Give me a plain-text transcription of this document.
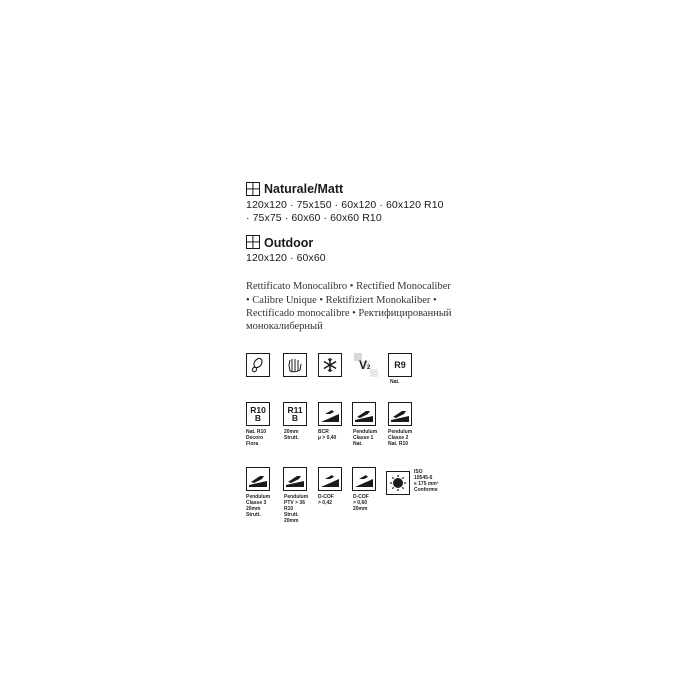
Naturale/Matt
120x120 · 75x150 · 60x120 · 60x120 R10
· 75x75 · 60x60 · 60x60 R10
Outdoor
120x120 · 60x60
Rettificato Monocalibro • Rectified Monocaliber
• Calibre Unique • Rektifiziert Monokaliber •
Rectificado monocalibre • Ректифицированный
монокалиберный
V2	R9
Nat.
R10
B
Nat. R10
Decoro
Flora
R11
B
20mm
Strutt.
BCR
µ > 0,40
Pendulum
Classe 1
Nat.
Pendulum
Classe 2
Nat. R10
Pendulum
Classe 3
20mm
Strutt.
Pendulum
PTV > 36
R10
Strutt.
20mm
D-COF
> 0,42
D-COF
> 0,60
20mm
ISO
10545-6
≤ 175 mm³
Conforme
